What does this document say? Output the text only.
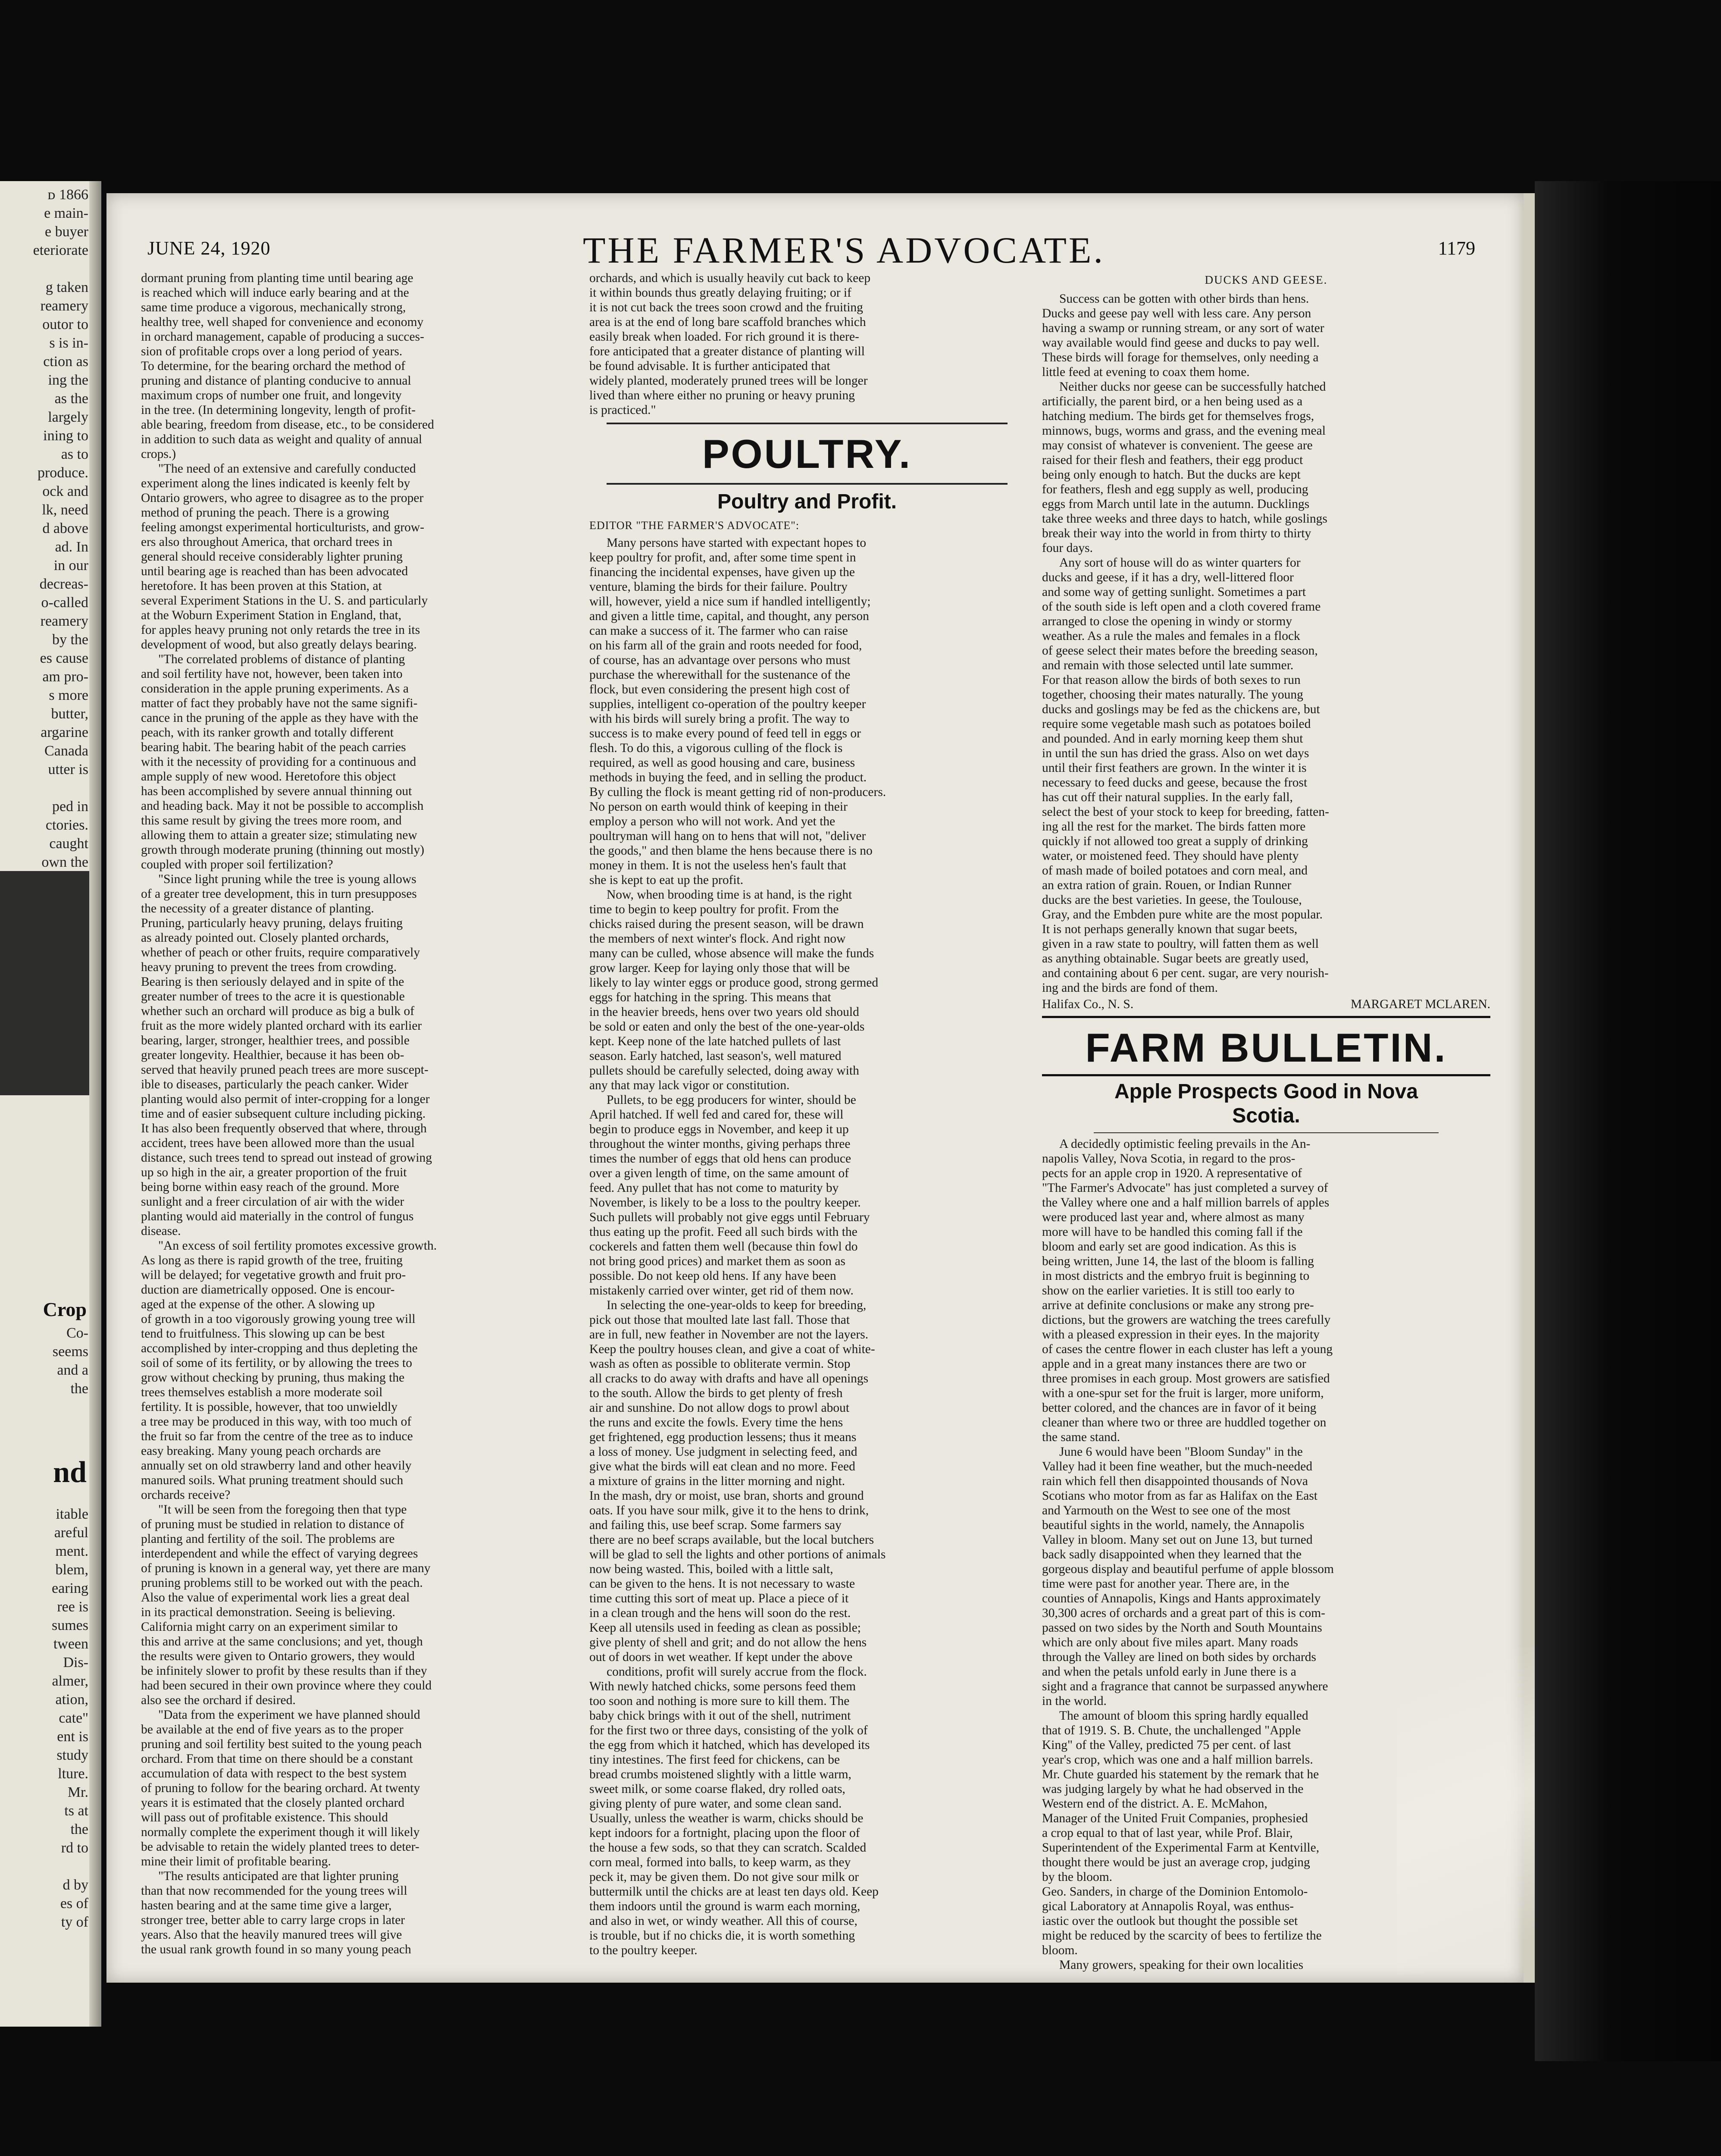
ᴅ 1866
e main-
e buyer
eteriorate
g taken
reamery
outor to
s is in-
ction as
ing the
as the
largely
ining to
as to
produce.
ock and
lk, need
d above
ad. In
in our
decreas-
o-called
reamery
by the
es cause
am pro-
s more
butter,
argarine
Canada
utter is
ped in
ctories.
caught
own the
Crop
Co-
seems
and a
the
nd
itable
areful
ment.
blem,
earing
ree is
sumes
tween
Dis-
almer,
ation,
cate"
ent is
study
lture.
Mr.
ts at
the
rd to
d by
es of
ty of
JUNE 24, 1920	THE FARMER'S ADVOCATE.	1179
dormant pruning from planting time until bearing age
is reached which will induce early bearing and at the
same time produce a vigorous, mechanically strong,
healthy tree, well shaped for convenience and economy
in orchard management, capable of producing a succes-
sion of profitable crops over a long period of years.
To determine, for the bearing orchard the method of
pruning and distance of planting conducive to annual
maximum crops of number one fruit, and longevity
in the tree. (In determining longevity, length of profit-
able bearing, freedom from disease, etc., to be considered
in addition to such data as weight and quality of annual
crops.)
"The need of an extensive and carefully conducted
experiment along the lines indicated is keenly felt by
Ontario growers, who agree to disagree as to the proper
method of pruning the peach. There is a growing
feeling amongst experimental horticulturists, and grow-
ers also throughout America, that orchard trees in
general should receive considerably lighter pruning
until bearing age is reached than has been advocated
heretofore. It has been proven at this Station, at
several Experiment Stations in the U. S. and particularly
at the Woburn Experiment Station in England, that,
for apples heavy pruning not only retards the tree in its
development of wood, but also greatly delays bearing.
"The correlated problems of distance of planting
and soil fertility have not, however, been taken into
consideration in the apple pruning experiments. As a
matter of fact they probably have not the same signifi-
cance in the pruning of the apple as they have with the
peach, with its ranker growth and totally different
bearing habit. The bearing habit of the peach carries
with it the necessity of providing for a continuous and
ample supply of new wood. Heretofore this object
has been accomplished by severe annual thinning out
and heading back. May it not be possible to accomplish
this same result by giving the trees more room, and
allowing them to attain a greater size; stimulating new
growth through moderate pruning (thinning out mostly)
coupled with proper soil fertilization?
"Since light pruning while the tree is young allows
of a greater tree development, this in turn presupposes
the necessity of a greater distance of planting.
Pruning, particularly heavy pruning, delays fruiting
as already pointed out. Closely planted orchards,
whether of peach or other fruits, require comparatively
heavy pruning to prevent the trees from crowding.
Bearing is then seriously delayed and in spite of the
greater number of trees to the acre it is questionable
whether such an orchard will produce as big a bulk of
fruit as the more widely planted orchard with its earlier
bearing, larger, stronger, healthier trees, and possible
greater longevity. Healthier, because it has been ob-
served that heavily pruned peach trees are more suscept-
ible to diseases, particularly the peach canker. Wider
planting would also permit of inter-cropping for a longer
time and of easier subsequent culture including picking.
It has also been frequently observed that where, through
accident, trees have been allowed more than the usual
distance, such trees tend to spread out instead of growing
up so high in the air, a greater proportion of the fruit
being borne within easy reach of the ground. More
sunlight and a freer circulation of air with the wider
planting would aid materially in the control of fungus
disease.
"An excess of soil fertility promotes excessive growth.
As long as there is rapid growth of the tree, fruiting
will be delayed; for vegetative growth and fruit pro-
duction are diametrically opposed. One is encour-
aged at the expense of the other. A slowing up
of growth in a too vigorously growing young tree will
tend to fruitfulness. This slowing up can be best
accomplished by inter-cropping and thus depleting the
soil of some of its fertility, or by allowing the trees to
grow without checking by pruning, thus making the
trees themselves establish a more moderate soil
fertility. It is possible, however, that too unwieldly
a tree may be produced in this way, with too much of
the fruit so far from the centre of the tree as to induce
easy breaking. Many young peach orchards are
annually set on old strawberry land and other heavily
manured soils. What pruning treatment should such
orchards receive?
"It will be seen from the foregoing then that type
of pruning must be studied in relation to distance of
planting and fertility of the soil. The problems are
interdependent and while the effect of varying degrees
of pruning is known in a general way, yet there are many
pruning problems still to be worked out with the peach.
Also the value of experimental work lies a great deal
in its practical demonstration. Seeing is believing.
California might carry on an experiment similar to
this and arrive at the same conclusions; and yet, though
the results were given to Ontario growers, they would
be infinitely slower to profit by these results than if they
had been secured in their own province where they could
also see the orchard if desired.
"Data from the experiment we have planned should
be available at the end of five years as to the proper
pruning and soil fertility best suited to the young peach
orchard. From that time on there should be a constant
accumulation of data with respect to the best system
of pruning to follow for the bearing orchard. At twenty
years it is estimated that the closely planted orchard
will pass out of profitable existence. This should
normally complete the experiment though it will likely
be advisable to retain the widely planted trees to deter-
mine their limit of profitable bearing.
"The results anticipated are that lighter pruning
than that now recommended for the young trees will
hasten bearing and at the same time give a larger,
stronger tree, better able to carry large crops in later
years. Also that the heavily manured trees will give
the usual rank growth found in so many young peach
orchards, and which is usually heavily cut back to keep
it within bounds thus greatly delaying fruiting; or if
it is not cut back the trees soon crowd and the fruiting
area is at the end of long bare scaffold branches which
easily break when loaded. For rich ground it is there-
fore anticipated that a greater distance of planting will
be found advisable. It is further anticipated that
widely planted, moderately pruned trees will be longer
lived than where either no pruning or heavy pruning
is practiced."
POULTRY.
Poultry and Profit.
EDITOR "THE FARMER'S ADVOCATE":
Many persons have started with expectant hopes to
keep poultry for profit, and, after some time spent in
financing the incidental expenses, have given up the
venture, blaming the birds for their failure. Poultry
will, however, yield a nice sum if handled intelligently;
and given a little time, capital, and thought, any person
can make a success of it. The farmer who can raise
on his farm all of the grain and roots needed for food,
of course, has an advantage over persons who must
purchase the wherewithall for the sustenance of the
flock, but even considering the present high cost of
supplies, intelligent co-operation of the poultry keeper
with his birds will surely bring a profit. The way to
success is to make every pound of feed tell in eggs or
flesh. To do this, a vigorous culling of the flock is
required, as well as good housing and care, business
methods in buying the feed, and in selling the product.
By culling the flock is meant getting rid of non-producers.
No person on earth would think of keeping in their
employ a person who will not work. And yet the
poultryman will hang on to hens that will not, "deliver
the goods," and then blame the hens because there is no
money in them. It is not the useless hen's fault that
she is kept to eat up the profit.
Now, when brooding time is at hand, is the right
time to begin to keep poultry for profit. From the
chicks raised during the present season, will be drawn
the members of next winter's flock. And right now
many can be culled, whose absence will make the funds
grow larger. Keep for laying only those that will be
likely to lay winter eggs or produce good, strong germed
eggs for hatching in the spring. This means that
in the heavier breeds, hens over two years old should
be sold or eaten and only the best of the one-year-olds
kept. Keep none of the late hatched pullets of last
season. Early hatched, last season's, well matured
pullets should be carefully selected, doing away with
any that may lack vigor or constitution.
Pullets, to be egg producers for winter, should be
April hatched. If well fed and cared for, these will
begin to produce eggs in November, and keep it up
throughout the winter months, giving perhaps three
times the number of eggs that old hens can produce
over a given length of time, on the same amount of
feed. Any pullet that has not come to maturity by
November, is likely to be a loss to the poultry keeper.
Such pullets will probably not give eggs until February
thus eating up the profit. Feed all such birds with the
cockerels and fatten them well (because thin fowl do
not bring good prices) and market them as soon as
possible. Do not keep old hens. If any have been
mistakenly carried over winter, get rid of them now.
In selecting the one-year-olds to keep for breeding,
pick out those that moulted late last fall. Those that
are in full, new feather in November are not the layers.
Keep the poultry houses clean, and give a coat of white-
wash as often as possible to obliterate vermin. Stop
all cracks to do away with drafts and have all openings
to the south. Allow the birds to get plenty of fresh
air and sunshine. Do not allow dogs to prowl about
the runs and excite the fowls. Every time the hens
get frightened, egg production lessens; thus it means
a loss of money. Use judgment in selecting feed, and
give what the birds will eat clean and no more. Feed
a mixture of grains in the litter morning and night.
In the mash, dry or moist, use bran, shorts and ground
oats. If you have sour milk, give it to the hens to drink,
and failing this, use beef scrap. Some farmers say
there are no beef scraps available, but the local butchers
will be glad to sell the lights and other portions of animals
now being wasted. This, boiled with a little salt,
can be given to the hens. It is not necessary to waste
time cutting this sort of meat up. Place a piece of it
in a clean trough and the hens will soon do the rest.
Keep all utensils used in feeding as clean as possible;
give plenty of shell and grit; and do not allow the hens
out of doors in wet weather. If kept under the above
conditions, profit will surely accrue from the flock.
With newly hatched chicks, some persons feed them
too soon and nothing is more sure to kill them. The
baby chick brings with it out of the shell, nutriment
for the first two or three days, consisting of the yolk of
the egg from which it hatched, which has developed its
tiny intestines. The first feed for chickens, can be
bread crumbs moistened slightly with a little warm,
sweet milk, or some coarse flaked, dry rolled oats,
giving plenty of pure water, and some clean sand.
Usually, unless the weather is warm, chicks should be
kept indoors for a fortnight, placing upon the floor of
the house a few sods, so that they can scratch. Scalded
corn meal, formed into balls, to keep warm, as they
peck it, may be given them. Do not give sour milk or
buttermilk until the chicks are at least ten days old. Keep
them indoors until the ground is warm each morning,
and also in wet, or windy weather. All this of course,
is trouble, but if no chicks die, it is worth something
to the poultry keeper.
DUCKS AND GEESE.
Success can be gotten with other birds than hens.
Ducks and geese pay well with less care. Any person
having a swamp or running stream, or any sort of water
way available would find geese and ducks to pay well.
These birds will forage for themselves, only needing a
little feed at evening to coax them home.
Neither ducks nor geese can be successfully hatched
artificially, the parent bird, or a hen being used as a
hatching medium. The birds get for themselves frogs,
minnows, bugs, worms and grass, and the evening meal
may consist of whatever is convenient. The geese are
raised for their flesh and feathers, their egg product
being only enough to hatch. But the ducks are kept
for feathers, flesh and egg supply as well, producing
eggs from March until late in the autumn. Ducklings
take three weeks and three days to hatch, while goslings
break their way into the world in from thirty to thirty
four days.
Any sort of house will do as winter quarters for
ducks and geese, if it has a dry, well-littered floor
and some way of getting sunlight. Sometimes a part
of the south side is left open and a cloth covered frame
arranged to close the opening in windy or stormy
weather. As a rule the males and females in a flock
of geese select their mates before the breeding season,
and remain with those selected until late summer.
For that reason allow the birds of both sexes to run
together, choosing their mates naturally. The young
ducks and goslings may be fed as the chickens are, but
require some vegetable mash such as potatoes boiled
and pounded. And in early morning keep them shut
in until the sun has dried the grass. Also on wet days
until their first feathers are grown. In the winter it is
necessary to feed ducks and geese, because the frost
has cut off their natural supplies. In the early fall,
select the best of your stock to keep for breeding, fatten-
ing all the rest for the market. The birds fatten more
quickly if not allowed too great a supply of drinking
water, or moistened feed. They should have plenty
of mash made of boiled potatoes and corn meal, and
an extra ration of grain. Rouen, or Indian Runner
ducks are the best varieties. In geese, the Toulouse,
Gray, and the Embden pure white are the most popular.
It is not perhaps generally known that sugar beets,
given in a raw state to poultry, will fatten them as well
as anything obtainable. Sugar beets are greatly used,
and containing about 6 per cent. sugar, are very nourish-
ing and the birds are fond of them.
Halifax Co., N. S.	MARGARET MCLAREN.
FARM BULLETIN.
Apple Prospects Good in Nova
Scotia.
A decidedly optimistic feeling prevails in the An-
napolis Valley, Nova Scotia, in regard to the pros-
pects for an apple crop in 1920. A representative of
"The Farmer's Advocate" has just completed a survey of
the Valley where one and a half million barrels of apples
were produced last year and, where almost as many
more will have to be handled this coming fall if the
bloom and early set are good indication. As this is
being written, June 14, the last of the bloom is falling
in most districts and the embryo fruit is beginning to
show on the earlier varieties. It is still too early to
arrive at definite conclusions or make any strong pre-
dictions, but the growers are watching the trees carefully
with a pleased expression in their eyes. In the majority
of cases the centre flower in each cluster has left a young
apple and in a great many instances there are two or
three promises in each group. Most growers are satisfied
with a one-spur set for the fruit is larger, more uniform,
better colored, and the chances are in favor of it being
cleaner than where two or three are huddled together on
the same stand.
June 6 would have been "Bloom Sunday" in the
Valley had it been fine weather, but the much-needed
rain which fell then disappointed thousands of Nova
Scotians who motor from as far as Halifax on the East
and Yarmouth on the West to see one of the most
beautiful sights in the world, namely, the Annapolis
Valley in bloom. Many set out on June 13, but turned
back sadly disappointed when they learned that the
gorgeous display and beautiful perfume of apple blossom
time were past for another year. There are, in the
counties of Annapolis, Kings and Hants approximately
30,300 acres of orchards and a great part of this is com-
passed on two sides by the North and South Mountains
which are only about five miles apart. Many roads
through the Valley are lined on both sides by orchards
and when the petals unfold early in June there is a
sight and a fragrance that cannot be surpassed anywhere
in the world.
The amount of bloom this spring hardly equalled
that of 1919. S. B. Chute, the unchallenged "Apple
King" of the Valley, predicted 75 per cent. of last
year's crop, which was one and a half million barrels.
Mr. Chute guarded his statement by the remark that he
was judging largely by what he had observed in the
Western end of the district. A. E. McMahon,
Manager of the United Fruit Companies, prophesied
a crop equal to that of last year, while Prof. Blair,
Superintendent of the Experimental Farm at Kentville,
thought there would be just an average crop, judging
by the bloom.
Geo. Sanders, in charge of the Dominion Entomolo-
gical Laboratory at Annapolis Royal, was enthus-
iastic over the outlook but thought the possible set
might be reduced by the scarcity of bees to fertilize the
bloom.
Many growers, speaking for their own localities
